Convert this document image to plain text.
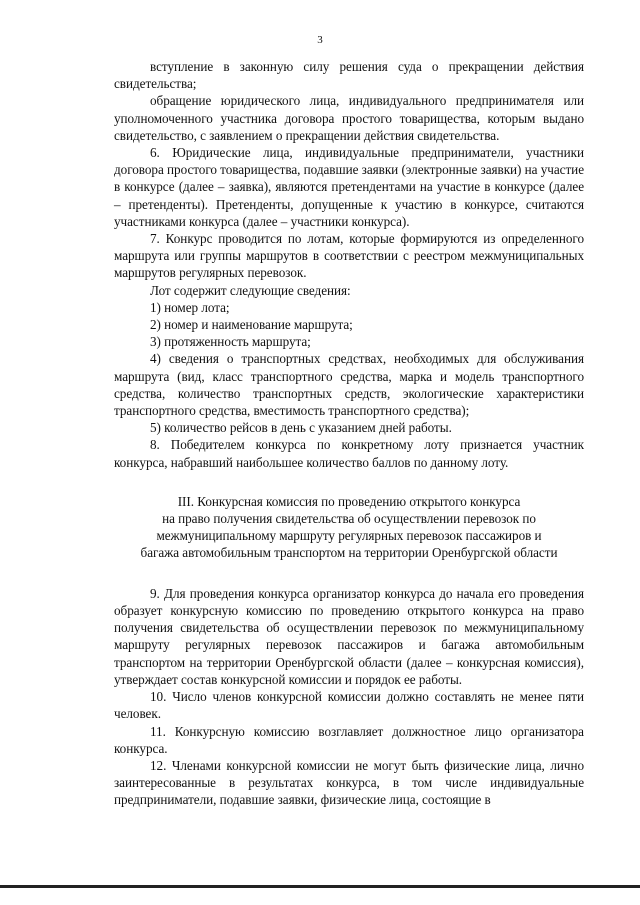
3

вступление в законную силу решения суда о прекращении действия свидетельства;

обращение юридического лица, индивидуального предпринимателя или уполномоченного участника договора простого товарищества, которым выдано свидетельство, с заявлением о прекращении действия свидетельства.

6. Юридические лица, индивидуальные предприниматели, участники договора простого товарищества, подавшие заявки (электронные заявки) на участие в конкурсе (далее – заявка), являются претендентами на участие в конкурсе (далее – претенденты). Претенденты, допущенные к участию в конкурсе, считаются участниками конкурса (далее – участники конкурса).

7. Конкурс проводится по лотам, которые формируются из определенного маршрута или группы маршрутов в соответствии с реестром межмуниципальных маршрутов регулярных перевозок.

Лот содержит следующие сведения:

1) номер лота;

2) номер и наименование маршрута;

3) протяженность маршрута;

4) сведения о транспортных средствах, необходимых для обслуживания маршрута (вид, класс транспортного средства, марка и модель транспортного средства, количество транспортных средств, экологические характеристики транспортного средства, вместимость транспортного средства);

5) количество рейсов в день с указанием дней работы.

8. Победителем конкурса по конкретному лоту признается участник конкурса, набравший наибольшее количество баллов по данному лоту.

III. Конкурсная комиссия по проведению открытого конкурса
на право получения свидетельства об осуществлении перевозок по
межмуниципальному маршруту регулярных перевозок пассажиров и
багажа автомобильным транспортом на территории Оренбургской области

9. Для проведения конкурса организатор конкурса до начала его проведения образует конкурсную комиссию по проведению открытого конкурса на право получения свидетельства об осуществлении перевозок по межмуниципальному маршруту регулярных перевозок пассажиров и багажа автомобильным транспортом на территории Оренбургской области (далее – конкурсная комиссия), утверждает состав конкурсной комиссии и порядок ее работы.

10. Число членов конкурсной комиссии должно составлять не менее пяти человек.

11. Конкурсную комиссию возглавляет должностное лицо организатора конкурса.

12. Членами конкурсной комиссии не могут быть физические лица, лично заинтересованные в результатах конкурса, в том числе индивидуальные предприниматели, подавшие заявки, физические лица, состоящие в
